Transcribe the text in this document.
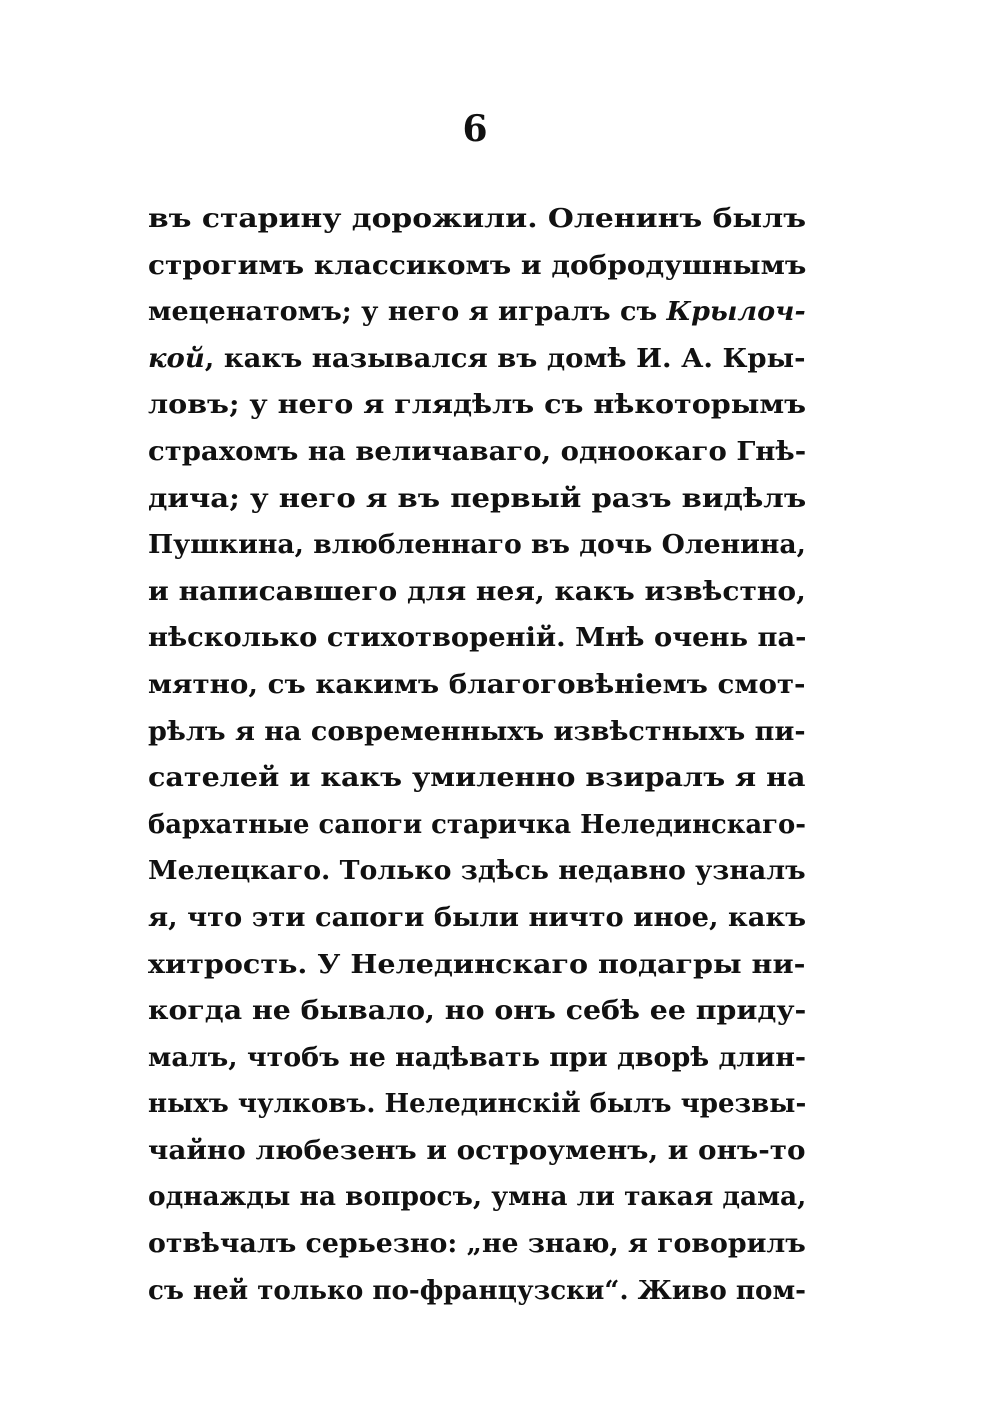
6
въ старину дорожили. Оленинъ былъ
строгимъ классикомъ и добродушнымъ
меценатомъ; у него я игралъ съ Крылоч-
кой, какъ назывался въ домѣ И. А. Кры-
ловъ; у него я глядѣлъ съ нѣкоторымъ
страхомъ на величаваго, одноокаго Гнѣ-
дича; у него я въ первый разъ видѣлъ
Пушкина, влюбленнаго въ дочь Оленина,
и написавшего для нея, какъ извѣстно,
нѣсколько стихотвореній. Мнѣ очень па-
мятно, съ какимъ благоговѣніемъ смот-
рѣлъ я на современныхъ извѣстныхъ пи-
сателей и какъ умиленно взиралъ я на
бархатные сапоги старичка Нелединскаго-
Мелецкаго. Только здѣсь недавно узналъ
я, что эти сапоги были ничто иное, какъ
хитрость. У Нелединскаго подагры ни-
когда не бывало, но онъ себѣ ее приду-
малъ, чтобъ не надѣвать при дворѣ длин-
ныхъ чулковъ. Нелединскій былъ чрезвы-
чайно любезенъ и остроуменъ, и онъ-то
однажды на вопросъ, умна ли такая дама,
отвѣчалъ серьезно: „не знаю, я говорилъ
съ ней только по-французски“. Живо пом-
